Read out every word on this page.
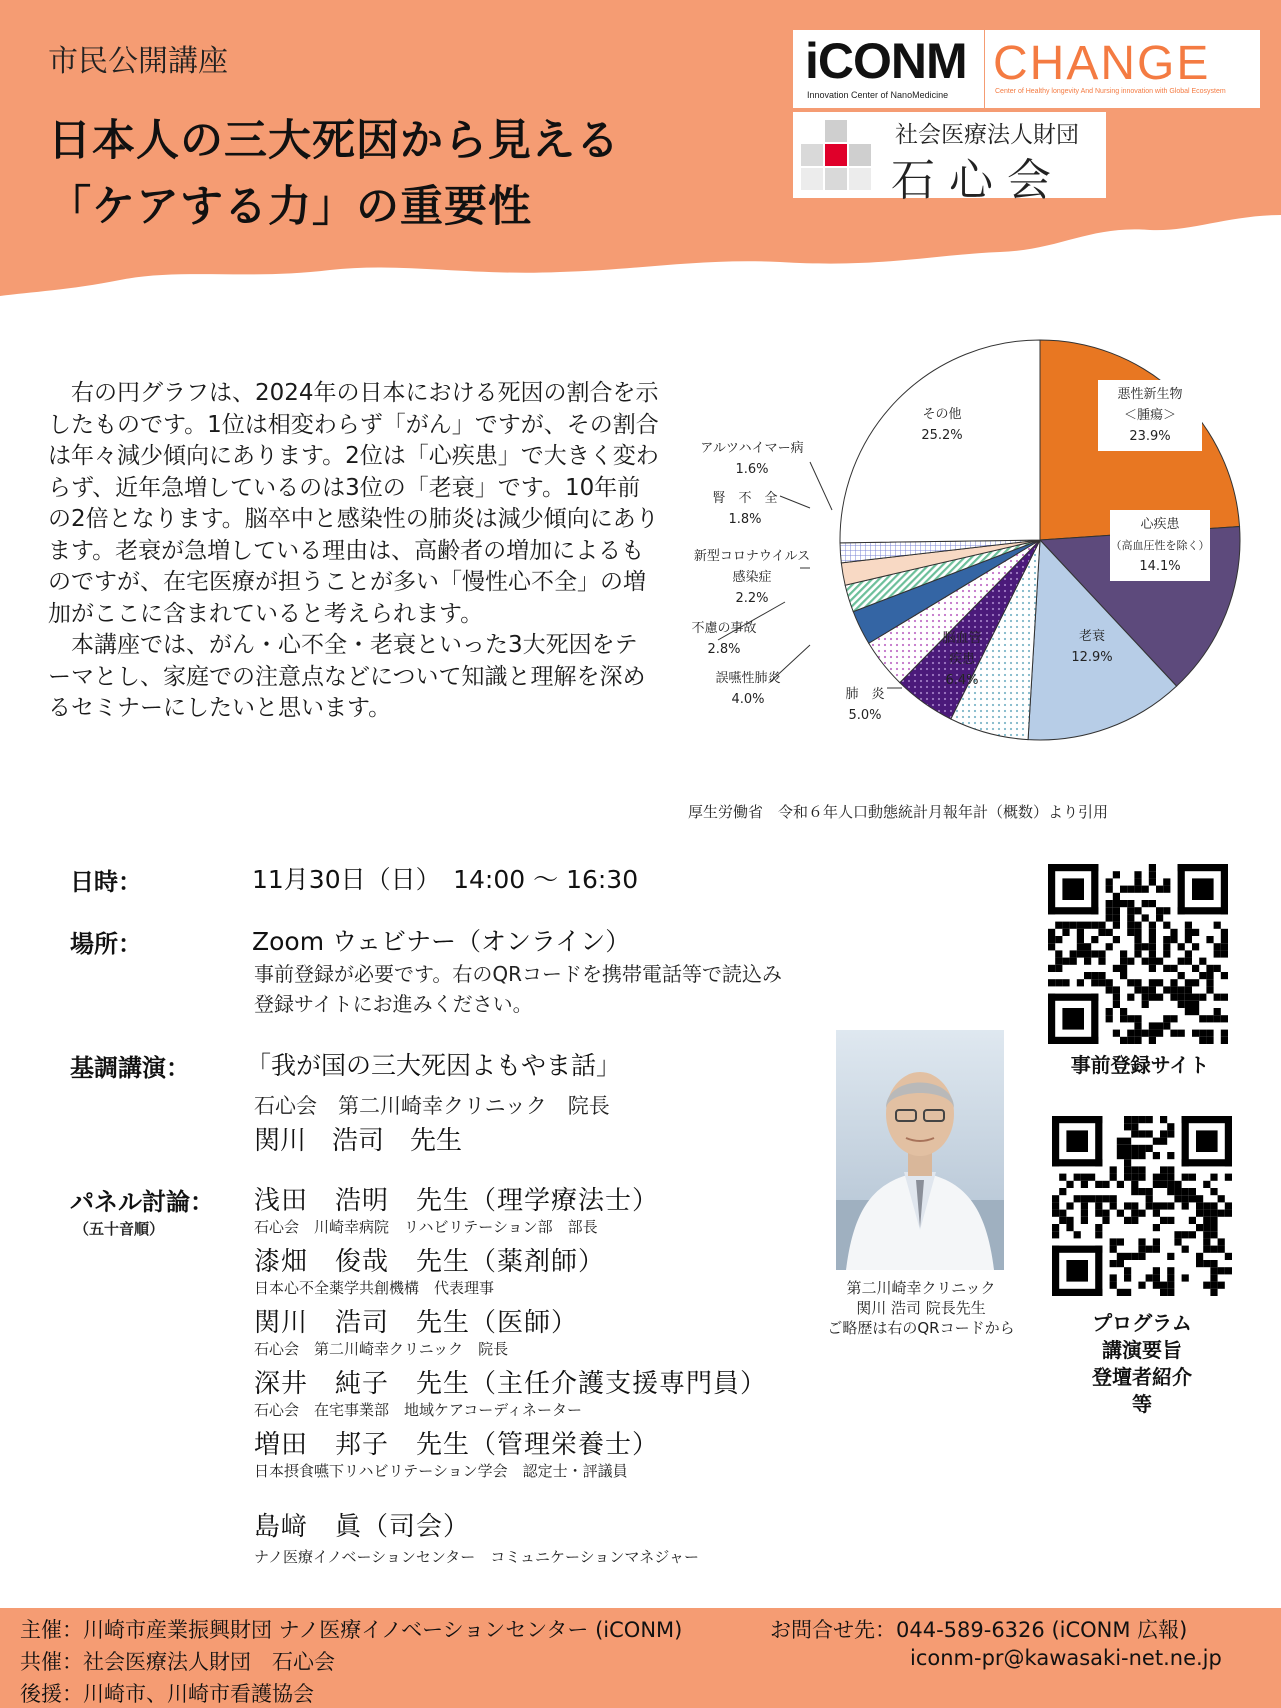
市民公開講座
日本人の三大死因から見える
「ケアする力」の重要性
iCONM
Innovation Center of NanoMedicine
CHANGE
Center of Healthy longevity And Nursing innovation with Global Ecosystem
社会医療法人財団
石心会

右の円グラフは、2024年の日本における死因の割合を示したものです。1位は相変わらず「がん」ですが、その割合は年々減少傾向にあります。2位は「心疾患」で大きく変わらず、近年急増しているのは3位の「老衰」です。10年前の2倍となります。脳卒中と感染性の肺炎は減少傾向にあります。老衰が急増している理由は、高齢者の増加によるものですが、在宅医療が担うことが多い「慢性心不全」の増加がここに含まれていると考えられます。

本講座では、がん・心不全・老衰といった3大死因をテーマとし、家庭での注意点などについて知識と理解を深めるセミナーにしたいと思います。

悪性新生物
＜腫瘍＞
23.9%
心疾患
（高血圧性を除く）
14.1%
老衰
12.9%
脳血管
疾患
6.4%
肺　炎
5.0%
誤嚥性肺炎
4.0%
不慮の事故
2.8%
新型コロナウイルス
感染症
2.2%
腎　不　全
1.8%
アルツハイマー病
1.6%
その他
25.2%
厚生労働省　令和６年人口動態統計月報年計（概数）より引用
日時：	11月30日（日）　14:00 ～ 16:30
場所：	Zoom ウェビナー（オンライン）
事前登録が必要です。右のQRコードを携帯電話等で読込み
登録サイトにお進みください。
基調講演： 「我が国の三大死因よもやま話」
石心会　第二川崎幸クリニック　院長
関川　浩司　先生
パネル討論：
（五十音順）
浅田　浩明　先生（理学療法士）
石心会　川崎幸病院　リハビリテーション部　部長
漆畑　俊哉　先生（薬剤師）
日本心不全薬学共創機構　代表理事
関川　浩司　先生（医師）
石心会　第二川崎幸クリニック　院長
深井　純子　先生（主任介護支援専門員）
石心会　在宅事業部　地域ケアコーディネーター
増田　邦子　先生（管理栄養士）
日本摂食嚥下リハビリテーション学会　認定士・評議員
島﨑　眞（司会）
ナノ医療イノベーションセンター　コミュニケーションマネジャー
第二川崎幸クリニック
関川 浩司 院長先生
ご略歴は右のQRコードから
事前登録サイト
プログラム
講演要旨
登壇者紹介
等
主催：川崎市産業振興財団 ナノ医療イノベーションセンター (iCONM)
共催：社会医療法人財団　石心会
後援：川崎市、川崎市看護協会
お問合せ先：044-589-6326 (iCONM 広報)
iconm-pr@kawasaki-net.ne.jp
